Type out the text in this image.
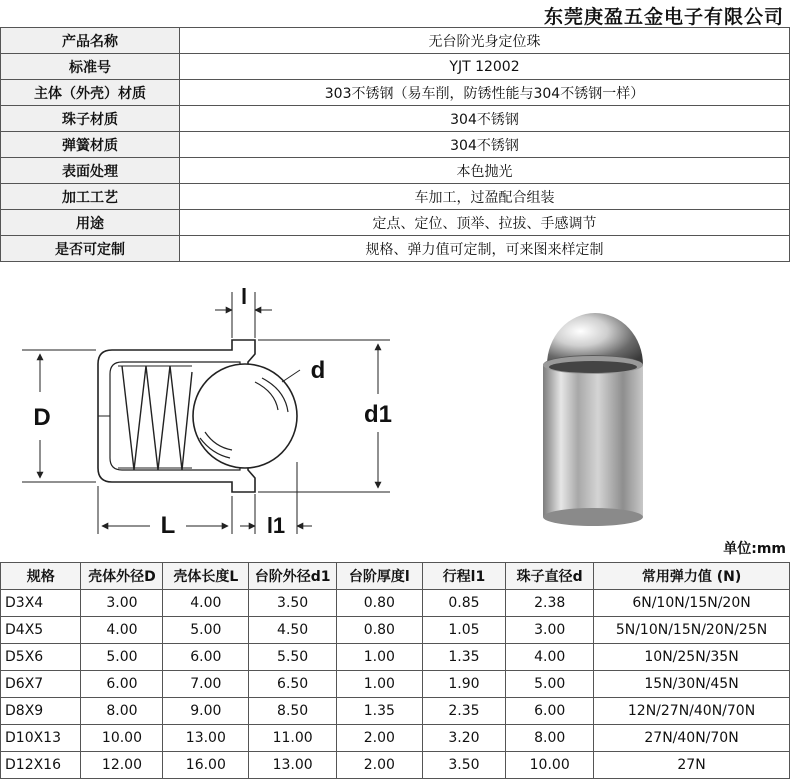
东莞庚盈五金电子有限公司
产品名称	无台阶光身定位珠
标准号	YJT 12002
主体（外壳）材质	303不锈钢（易车削，防锈性能与304不锈钢一样）
珠子材质	304不锈钢
弹簧材质	304不锈钢
表面处理	本色抛光
加工工艺	车加工，过盈配合组装
用途	定点、定位、顶举、拉拔、手感调节
是否可定制	规格、弹力值可定制，可来图来样定制
l
d
D	d1
L	l1
单位:mm
规格	壳体外径D	壳体长度L	台阶外径d1	台阶厚度l	行程l1	珠子直径d	常用弹力值 (N)
D3X4	3.00	4.00	3.50	0.80	0.85	2.38	6N/10N/15N/20N
D4X5	4.00	5.00	4.50	0.80	1.05	3.00	5N/10N/15N/20N/25N
D5X6	5.00	6.00	5.50	1.00	1.35	4.00	10N/25N/35N
D6X7	6.00	7.00	6.50	1.00	1.90	5.00	15N/30N/45N
D8X9	8.00	9.00	8.50	1.35	2.35	6.00	12N/27N/40N/70N
D10X13	10.00	13.00	11.00	2.00	3.20	8.00	27N/40N/70N
D12X16	12.00	16.00	13.00	2.00	3.50	10.00	27N
